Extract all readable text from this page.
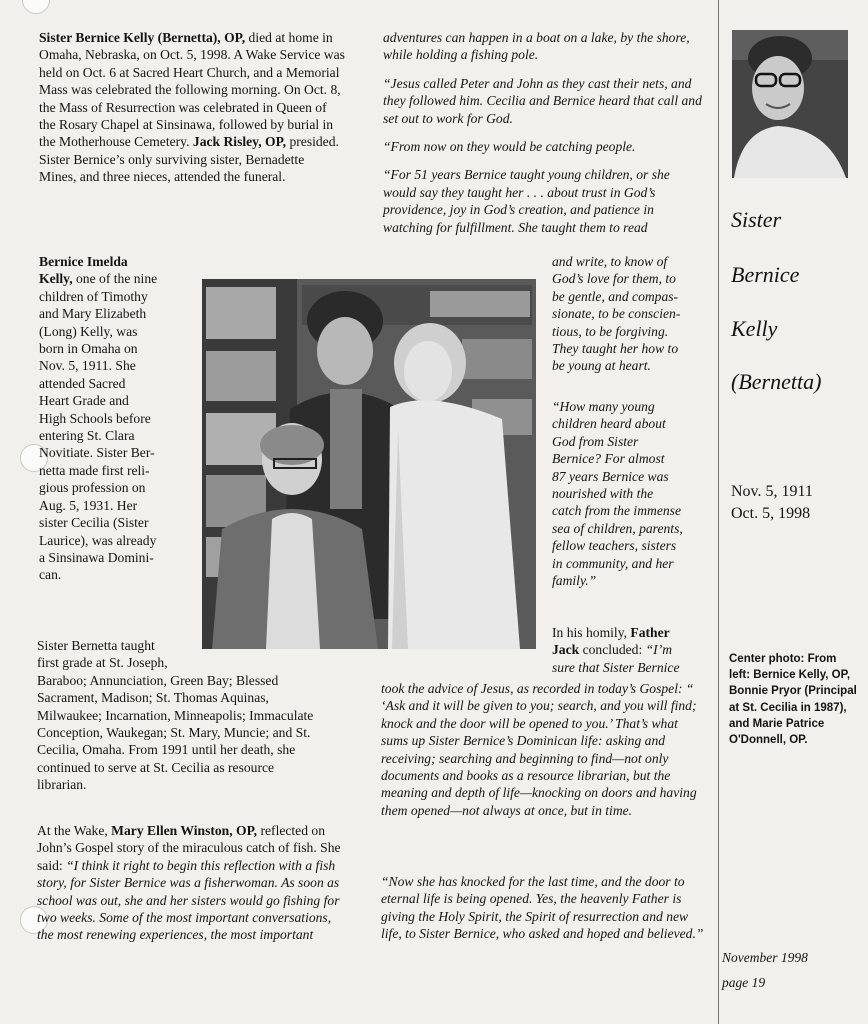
Sister Bernice Kelly (Bernetta), OP, died at home in Omaha, Nebraska, on Oct. 5, 1998. A Wake Service was held on Oct. 6 at Sacred Heart Church, and a Memorial Mass was celebrated the following morning. On Oct. 8, the Mass of Resurrection was celebrated in Queen of the Rosary Chapel at Sinsinawa, followed by burial in the Motherhouse Cemetery. Jack Risley, OP, presided. Sister Bernice’s only surviving sister, Bernadette Mines, and three nieces, attended the funeral.

Bernice Imelda
Kelly, one of the nine
children of Timothy
and Mary Elizabeth
(Long) Kelly, was
born in Omaha on
Nov. 5, 1911. She
attended Sacred
Heart Grade and
High Schools before
entering St. Clara
Novitiate. Sister Ber-
netta made first reli-
gious profession on
Aug. 5, 1931. Her
sister Cecilia (Sister
Laurice), was already
a Sinsinawa Domini-
can.
Sister Bernetta taught
first grade at St. Joseph,
Baraboo; Annunciation, Green Bay; Blessed
Sacrament, Madison; St. Thomas Aquinas,
Milwaukee; Incarnation, Minneapolis; Immaculate
Conception, Waukegan; St. Mary, Muncie; and St.
Cecilia, Omaha. From 1991 until her death, she
continued to serve at St. Cecilia as resource
librarian.

At the Wake, Mary Ellen Winston, OP, reflected on John’s Gospel story of the miraculous catch of fish. She said: “I think it right to begin this reflection with a fish story, for Sister Bernice was a fisherwoman. As soon as school was out, she and her sisters would go fishing for two weeks. Some of the most important conversations, the most renewing experiences, the most important

adventures can happen in a boat on a lake, by the shore, while holding a fishing pole.

“Jesus called Peter and John as they cast their nets, and they followed him. Cecilia and Bernice heard that call and set out to work for God.

“From now on they would be catching people.

“For 51 years Bernice taught young children, or she would say they taught her . . . about trust in God’s providence, joy in God’s creation, and patience in watching for fulfillment. She taught them to read

and write, to know of
God’s love for them, to
be gentle, and compas-
sionate, to be conscien-
tious, to be forgiving.
They taught her how to
be young at heart.
“How many young
children heard about
God from Sister
Bernice? For almost
87 years Bernice was
nourished with the
catch from the immense
sea of children, parents,
fellow teachers, sisters
in community, and her
family.”
In his homily, Father
Jack concluded: “I’m
sure that Sister Bernice

took the advice of Jesus, as recorded in today’s Gospel: “ ‘Ask and it will be given to you; search, and you will find; knock and the door will be opened to you.’ That’s what sums up Sister Bernice’s Dominican life: asking and receiving; searching and beginning to find—not only documents and books as a resource librarian, but the meaning and depth of life—knocking on doors and having them opened—not always at once, but in time.

“Now she has knocked for the last time, and the door to eternal life is being opened. Yes, the heavenly Father is giving the Holy Spirit, the Spirit of resurrection and new life, to Sister Bernice, who asked and hoped and believed.”

Sister
Bernice
Kelly
(Bernetta)
Nov. 5, 1911
Oct. 5, 1998
Center photo: From left: Bernice Kelly, OP, Bonnie Pryor (Principal at St. Cecilia in 1987), and Marie Patrice O'Donnell, OP.
November 1998
page 19
